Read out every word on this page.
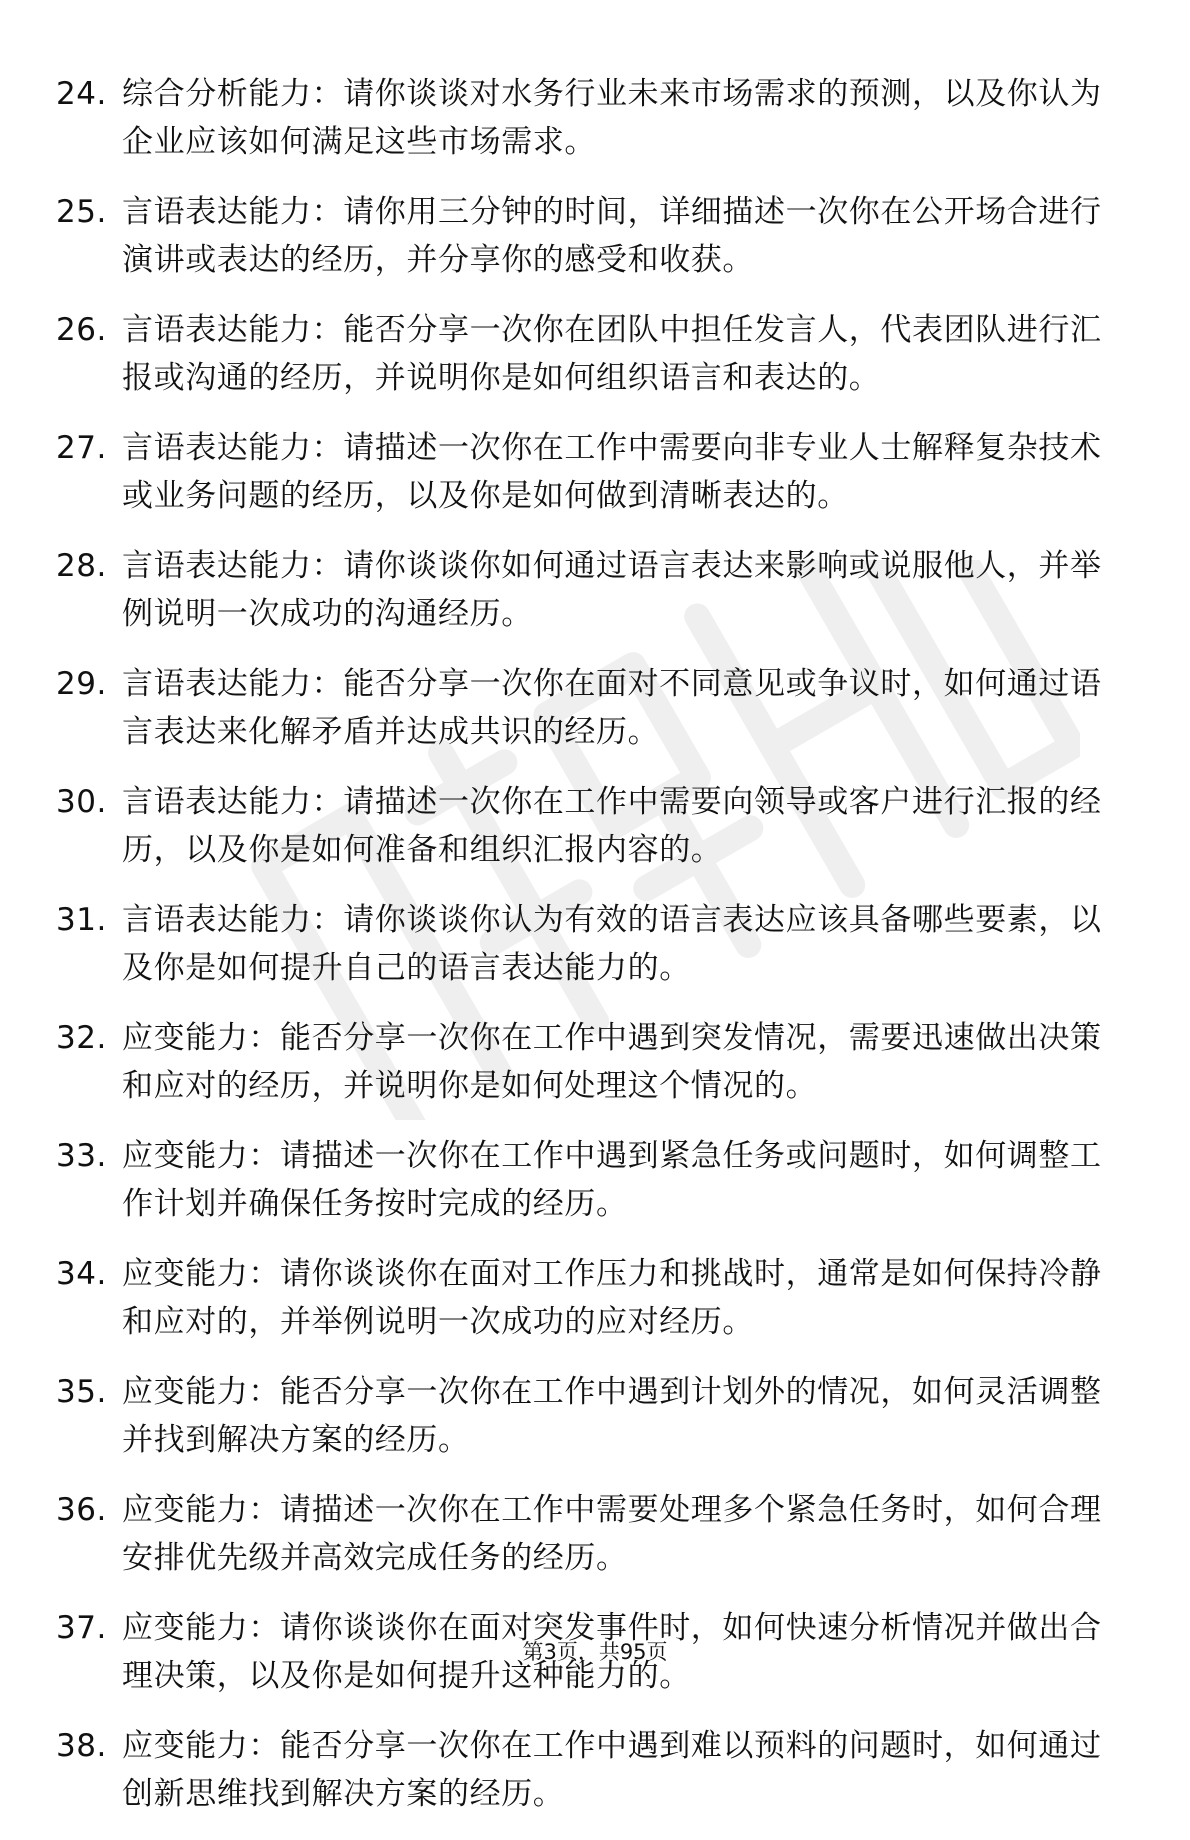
24. 综合分析能力：请你谈谈对水务行业未来市场需求的预测，以及你认为企业应该如何满足这些市场需求。
25. 言语表达能力：请你用三分钟的时间，详细描述一次你在公开场合进行演讲或表达的经历，并分享你的感受和收获。
26. 言语表达能力：能否分享一次你在团队中担任发言人，代表团队进行汇报或沟通的经历，并说明你是如何组织语言和表达的。
27. 言语表达能力：请描述一次你在工作中需要向非专业人士解释复杂技术或业务问题的经历，以及你是如何做到清晰表达的。
28. 言语表达能力：请你谈谈你如何通过语言表达来影响或说服他人，并举例说明一次成功的沟通经历。
29. 言语表达能力：能否分享一次你在面对不同意见或争议时，如何通过语言表达来化解矛盾并达成共识的经历。
30. 言语表达能力：请描述一次你在工作中需要向领导或客户进行汇报的经历，以及你是如何准备和组织汇报内容的。
31. 言语表达能力：请你谈谈你认为有效的语言表达应该具备哪些要素，以及你是如何提升自己的语言表达能力的。
32. 应变能力：能否分享一次你在工作中遇到突发情况，需要迅速做出决策和应对的经历，并说明你是如何处理这个情况的。
33. 应变能力：请描述一次你在工作中遇到紧急任务或问题时，如何调整工作计划并确保任务按时完成的经历。
34. 应变能力：请你谈谈你在面对工作压力和挑战时，通常是如何保持冷静和应对的，并举例说明一次成功的应对经历。
35. 应变能力：能否分享一次你在工作中遇到计划外的情况，如何灵活调整并找到解决方案的经历。
36. 应变能力：请描述一次你在工作中需要处理多个紧急任务时，如何合理安排优先级并高效完成任务的经历。
37. 应变能力：请你谈谈你在面对突发事件时，如何快速分析情况并做出合理决策，以及你是如何提升这种能力的。
38. 应变能力：能否分享一次你在工作中遇到难以预料的问题时，如何通过创新思维找到解决方案的经历。
第3页，共95页
